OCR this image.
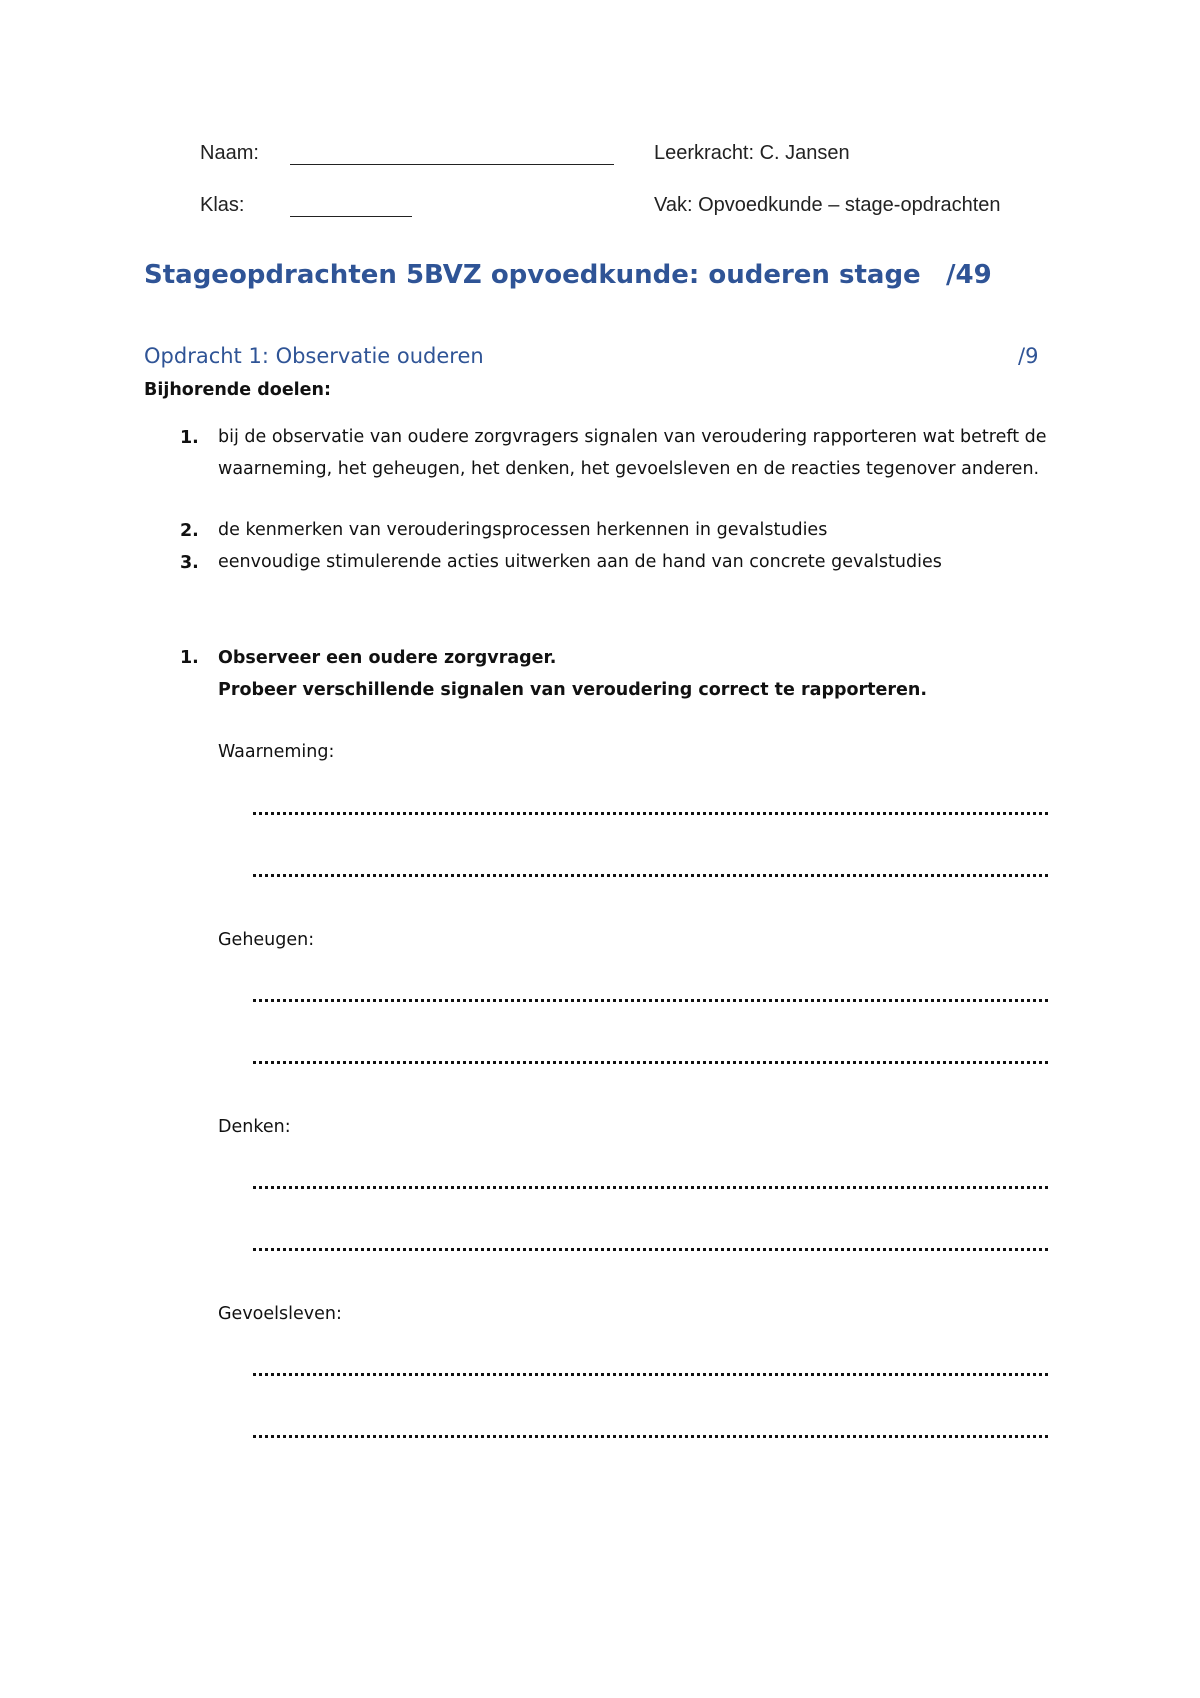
Naam:	Leerkracht: C. Jansen
Klas:	Vak: Opvoedkunde – stage-opdrachten
Stageopdrachten 5BVZ opvoedkunde: ouderen stage /49
Opdracht 1: Observatie ouderen	/9
Bijhorende doelen:
1. bij de observatie van oudere zorgvragers signalen van veroudering rapporteren wat betreft de waarneming, het geheugen, het denken, het gevoelsleven en de reacties tegenover anderen.
2. de kenmerken van verouderingsprocessen herkennen in gevalstudies
3. eenvoudige stimulerende acties uitwerken aan de hand van concrete gevalstudies
1. Observeer een oudere zorgvrager.
Probeer verschillende signalen van veroudering correct te rapporteren.
Waarneming:
Geheugen:
Denken:
Gevoelsleven:
